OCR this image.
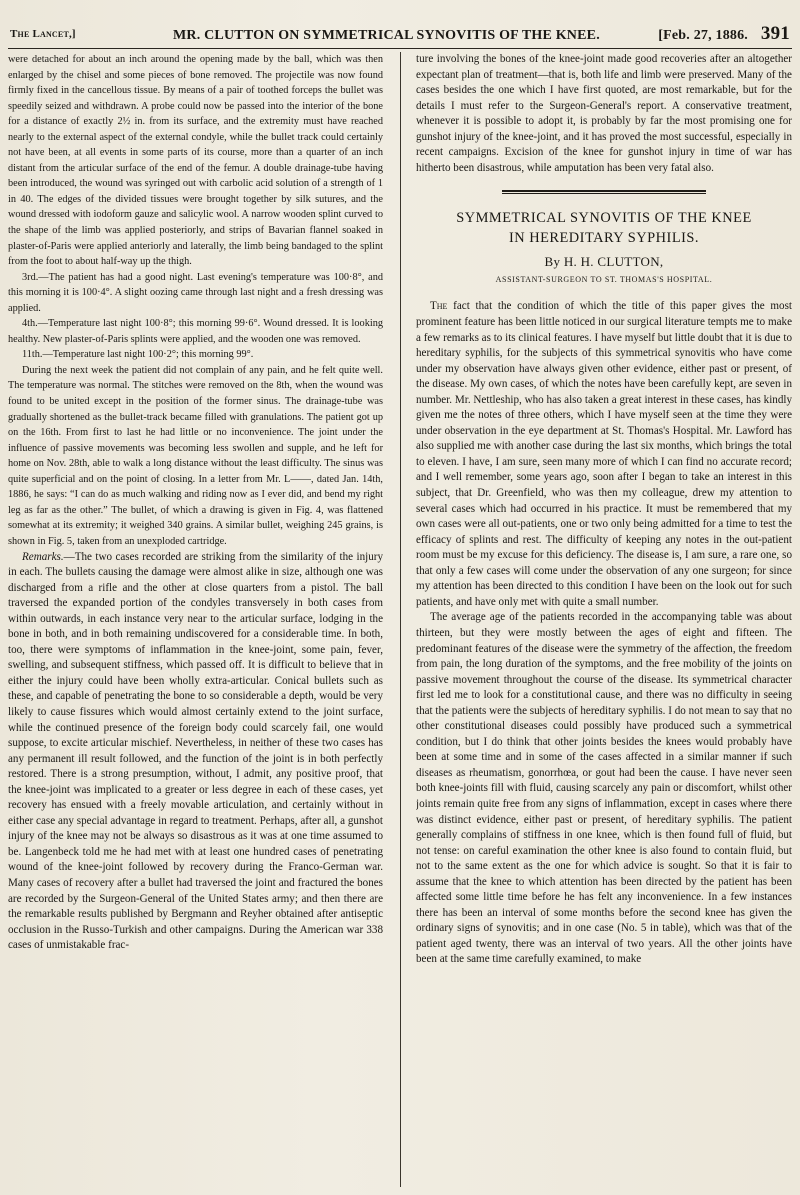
The Lancet,]	MR. CLUTTON ON SYMMETRICAL SYNOVITIS OF THE KNEE.	[Feb. 27, 1886. 391

were detached for about an inch around the opening made by the ball, which was then enlarged by the chisel and some pieces of bone removed. The projectile was now found firmly fixed in the cancellous tissue. By means of a pair of toothed forceps the bullet was speedily seized and withdrawn. A probe could now be passed into the interior of the bone for a distance of exactly 2½ in. from its surface, and the extremity must have reached nearly to the external aspect of the external condyle, while the bullet track could certainly not have been, at all events in some parts of its course, more than a quarter of an inch distant from the articular surface of the end of the femur. A double drainage-tube having been introduced, the wound was syringed out with carbolic acid solution of a strength of 1 in 40. The edges of the divided tissues were brought together by silk sutures, and the wound dressed with iodoform gauze and salicylic wool. A narrow wooden splint curved to the shape of the limb was applied posteriorly, and strips of Bavarian flannel soaked in plaster-of-Paris were applied anteriorly and laterally, the limb being bandaged to the splint from the foot to about half-way up the thigh.

3rd.—The patient has had a good night. Last evening's temperature was 100·8°, and this morning it is 100·4°. A slight oozing came through last night and a fresh dressing was applied.

4th.—Temperature last night 100·8°; this morning 99·6°. Wound dressed. It is looking healthy. New plaster-of-Paris splints were applied, and the wooden one was removed.

11th.—Temperature last night 100·2°; this morning 99°.

During the next week the patient did not complain of any pain, and he felt quite well. The temperature was normal. The stitches were removed on the 8th, when the wound was found to be united except in the position of the former sinus. The drainage-tube was gradually shortened as the bullet-track became filled with granulations. The patient got up on the 16th. From first to last he had little or no inconvenience. The joint under the influence of passive movements was becoming less swollen and supple, and he left for home on Nov. 28th, able to walk a long distance without the least difficulty. The sinus was quite superficial and on the point of closing. In a letter from Mr. L——, dated Jan. 14th, 1886, he says: “I can do as much walking and riding now as I ever did, and bend my right leg as far as the other.” The bullet, of which a drawing is given in Fig. 4, was flattened somewhat at its extremity; it weighed 340 grains. A similar bullet, weighing 245 grains, is shown in Fig. 5, taken from an unexploded cartridge.

Remarks.—The two cases recorded are striking from the similarity of the injury in each. The bullets causing the damage were almost alike in size, although one was discharged from a rifle and the other at close quarters from a pistol. The ball traversed the expanded portion of the condyles transversely in both cases from within outwards, in each instance very near to the articular surface, lodging in the bone in both, and in both remaining undiscovered for a considerable time. In both, too, there were symptoms of inflammation in the knee-joint, some pain, fever, swelling, and subsequent stiffness, which passed off. It is difficult to believe that in either the injury could have been wholly extra-articular. Conical bullets such as these, and capable of penetrating the bone to so considerable a depth, would be very likely to cause fissures which would almost certainly extend to the joint surface, while the continued presence of the foreign body could scarcely fail, one would suppose, to excite articular mischief. Nevertheless, in neither of these two cases has any permanent ill result followed, and the function of the joint is in both perfectly restored. There is a strong presumption, without, I admit, any positive proof, that the knee-joint was implicated to a greater or less degree in each of these cases, yet recovery has ensued with a freely movable articulation, and certainly without in either case any special advantage in regard to treatment. Perhaps, after all, a gunshot injury of the knee may not be always so disastrous as it was at one time assumed to be. Langenbeck told me he had met with at least one hundred cases of penetrating wound of the knee-joint followed by recovery during the Franco-German war. Many cases of recovery after a bullet had traversed the joint and fractured the bones are recorded by the Surgeon-General of the United States army; and then there are the remarkable results published by Bergmann and Reyher obtained after antiseptic occlusion in the Russo-Turkish and other campaigns. During the American war 338 cases of unmistakable frac-

ture involving the bones of the knee-joint made good recoveries after an altogether expectant plan of treatment—that is, both life and limb were preserved. Many of the cases besides the one which I have first quoted, are most remarkable, but for the details I must refer to the Surgeon-General's report. A conservative treatment, whenever it is possible to adopt it, is probably by far the most promising one for gunshot injury of the knee-joint, and it has proved the most successful, especially in recent campaigns. Excision of the knee for gunshot injury in time of war has hitherto been disastrous, while amputation has been very fatal also.

SYMMETRICAL SYNOVITIS OF THE KNEE
IN HEREDITARY SYPHILIS.
By H. H. CLUTTON,
ASSISTANT-SURGEON TO ST. THOMAS'S HOSPITAL.

The fact that the condition of which the title of this paper gives the most prominent feature has been little noticed in our surgical literature tempts me to make a few remarks as to its clinical features. I have myself but little doubt that it is due to hereditary syphilis, for the subjects of this symmetrical synovitis who have come under my observation have always given other evidence, either past or present, of the disease. My own cases, of which the notes have been carefully kept, are seven in number. Mr. Nettleship, who has also taken a great interest in these cases, has kindly given me the notes of three others, which I have myself seen at the time they were under observation in the eye department at St. Thomas's Hospital. Mr. Lawford has also supplied me with another case during the last six months, which brings the total to eleven. I have, I am sure, seen many more of which I can find no accurate record; and I well remember, some years ago, soon after I began to take an interest in this subject, that Dr. Greenfield, who was then my colleague, drew my attention to several cases which had occurred in his practice. It must be remembered that my own cases were all out-patients, one or two only being admitted for a time to test the efficacy of splints and rest. The difficulty of keeping any notes in the out-patient room must be my excuse for this deficiency. The disease is, I am sure, a rare one, so that only a few cases will come under the observation of any one surgeon; for since my attention has been directed to this condition I have been on the look out for such patients, and have only met with quite a small number.

The average age of the patients recorded in the accompanying table was about thirteen, but they were mostly between the ages of eight and fifteen. The predominant features of the disease were the symmetry of the affection, the freedom from pain, the long duration of the symptoms, and the free mobility of the joints on passive movement throughout the course of the disease. Its symmetrical character first led me to look for a constitutional cause, and there was no difficulty in seeing that the patients were the subjects of hereditary syphilis. I do not mean to say that no other constitutional diseases could possibly have produced such a symmetrical condition, but I do think that other joints besides the knees would probably have been at some time and in some of the cases affected in a similar manner if such diseases as rheumatism, gonorrhœa, or gout had been the cause. I have never seen both knee-joints fill with fluid, causing scarcely any pain or discomfort, whilst other joints remain quite free from any signs of inflammation, except in cases where there was distinct evidence, either past or present, of hereditary syphilis. The patient generally complains of stiffness in one knee, which is then found full of fluid, but not tense: on careful examination the other knee is also found to contain fluid, but not to the same extent as the one for which advice is sought. So that it is fair to assume that the knee to which attention has been directed by the patient has been affected some little time before he has felt any inconvenience. In a few instances there has been an interval of some months before the second knee has given the ordinary signs of synovitis; and in one case (No. 5 in table), which was that of the patient aged twenty, there was an interval of two years. All the other joints have been at the same time carefully examined, to make
